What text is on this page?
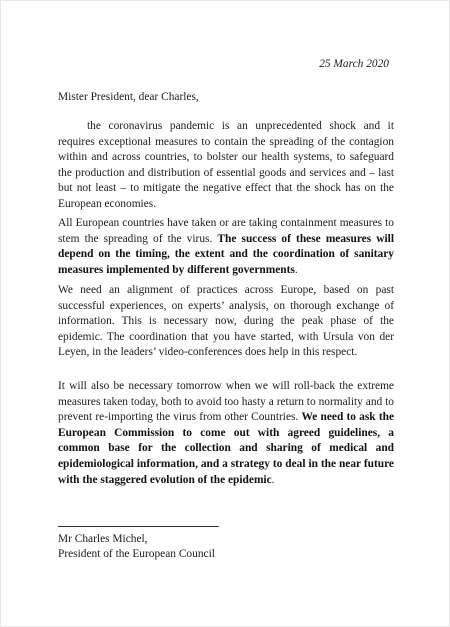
25 March 2020
Mister President, dear Charles,

the coronavirus pandemic is an unprecedented shock and it requires exceptional measures to contain the spreading of the contagion within and across countries, to bolster our health systems, to safeguard the production and distribution of essential goods and services and – last but not least – to mitigate the negative effect that the shock has on the European economies.

All European countries have taken or are taking containment measures to stem the spreading of the virus. The success of these measures will depend on the timing, the extent and the coordination of sanitary measures implemented by different governments.

We need an alignment of practices across Europe, based on past successful experiences, on experts’ analysis, on thorough exchange of information. This is necessary now, during the peak phase of the epidemic. The coordination that you have started, with Ursula von der Leyen, in the leaders’ video-conferences does help in this respect.

It will also be necessary tomorrow when we will roll-back the extreme measures taken today, both to avoid too hasty a return to normality and to prevent re-importing the virus from other Countries. We need to ask the European Commission to come out with agreed guidelines, a common base for the collection and sharing of medical and epidemiological information, and a strategy to deal in the near future with the staggered evolution of the epidemic.

Mr Charles Michel,
President of the European Council
